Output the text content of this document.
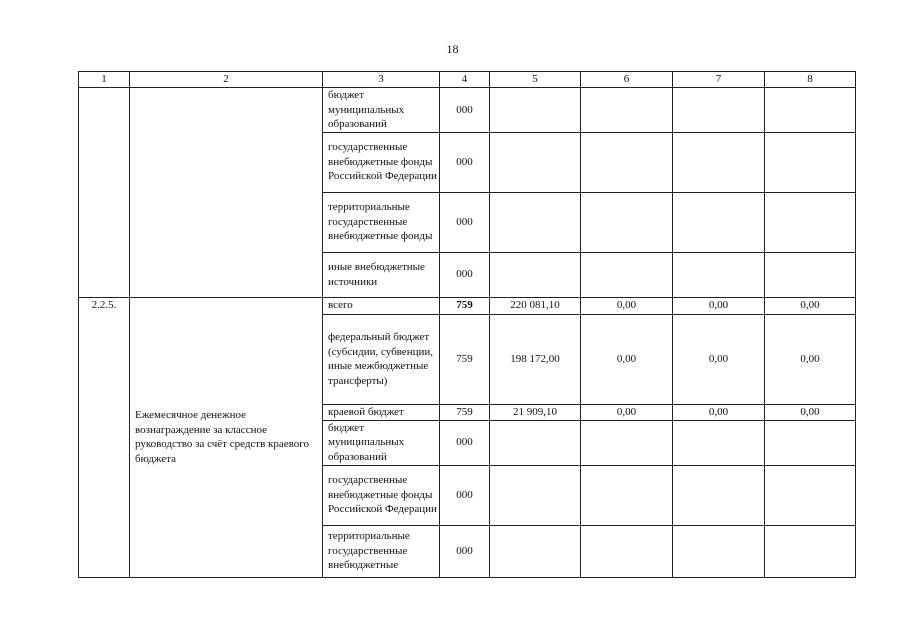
18
1	2	3	4	5	6	7	8
		бюджет муниципальных образований	000				
		государственные внебюджетные фонды Российской Федерации	000				
		территориальные государственные внебюджетные фонды	000				
		иные внебюджетные источники	000				
2.2.5.	Ежемесячное денежное вознаграждение за классное руководство за счёт средств краевого бюджета	всего	759	220 081,10	0,00	0,00	0,00
		федеральный бюджет (субсидии, субвенции, иные межбюджетные трансферты)	759	198 172,00	0,00	0,00	0,00
		краевой бюджет	759	21 909,10	0,00	0,00	0,00
		бюджет муниципальных образований	000				
		государственные внебюджетные фонды Российской Федерации	000				
		территориальные государственные внебюджетные	000				
